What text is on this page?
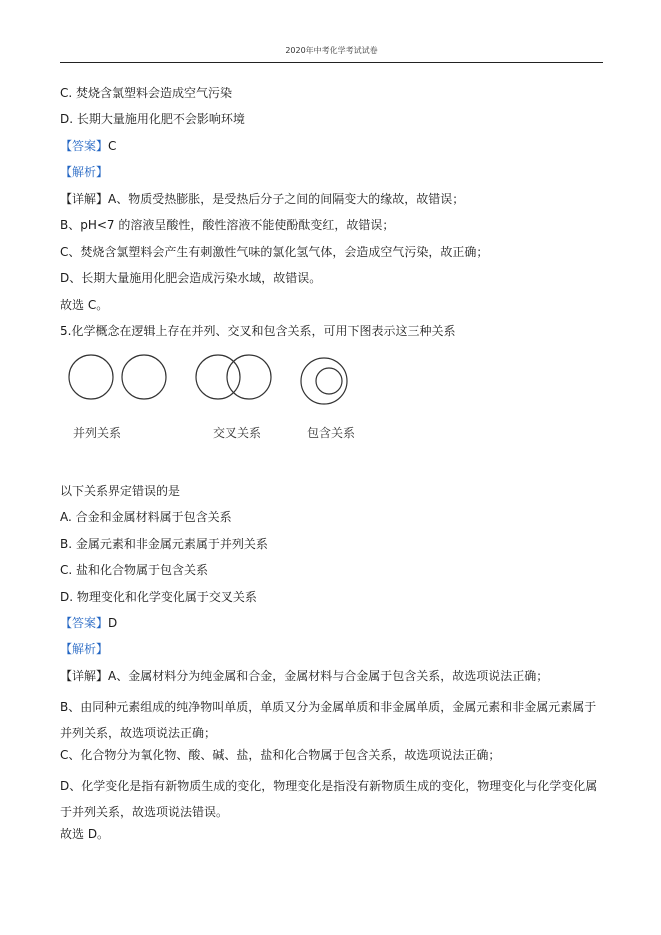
2020年中考化学考试试卷
C. 焚烧含氯塑料会造成空气污染
D. 长期大量施用化肥不会影响环境
【答案】C
【解析】
【详解】A、物质受热膨胀，是受热后分子之间的间隔变大的缘故，故错误；
B、pH<7 的溶液呈酸性，酸性溶液不能使酚酞变红，故错误；
C、焚烧含氯塑料会产生有刺激性气味的氯化氢气体，会造成空气污染，故正确；
D、长期大量施用化肥会造成污染水域，故错误。
故选 C。
5.化学概念在逻辑上存在并列、交叉和包含关系，可用下图表示这三种关系
并列关系	交叉关系	包含关系
以下关系界定错误的是
A. 合金和金属材料属于包含关系
B. 金属元素和非金属元素属于并列关系
C. 盐和化合物属于包含关系
D. 物理变化和化学变化属于交叉关系
【答案】D
【解析】
【详解】A、金属材料分为纯金属和合金，金属材料与合金属于包含关系，故选项说法正确；
B、由同种元素组成的纯净物叫单质，单质又分为金属单质和非金属单质，金属元素和非金属元素属于并列关系，故选项说法正确；
C、化合物分为氧化物、酸、碱、盐，盐和化合物属于包含关系，故选项说法正确；
D、化学变化是指有新物质生成的变化，物理变化是指没有新物质生成的变化，物理变化与化学变化属于并列关系，故选项说法错误。
故选 D。
